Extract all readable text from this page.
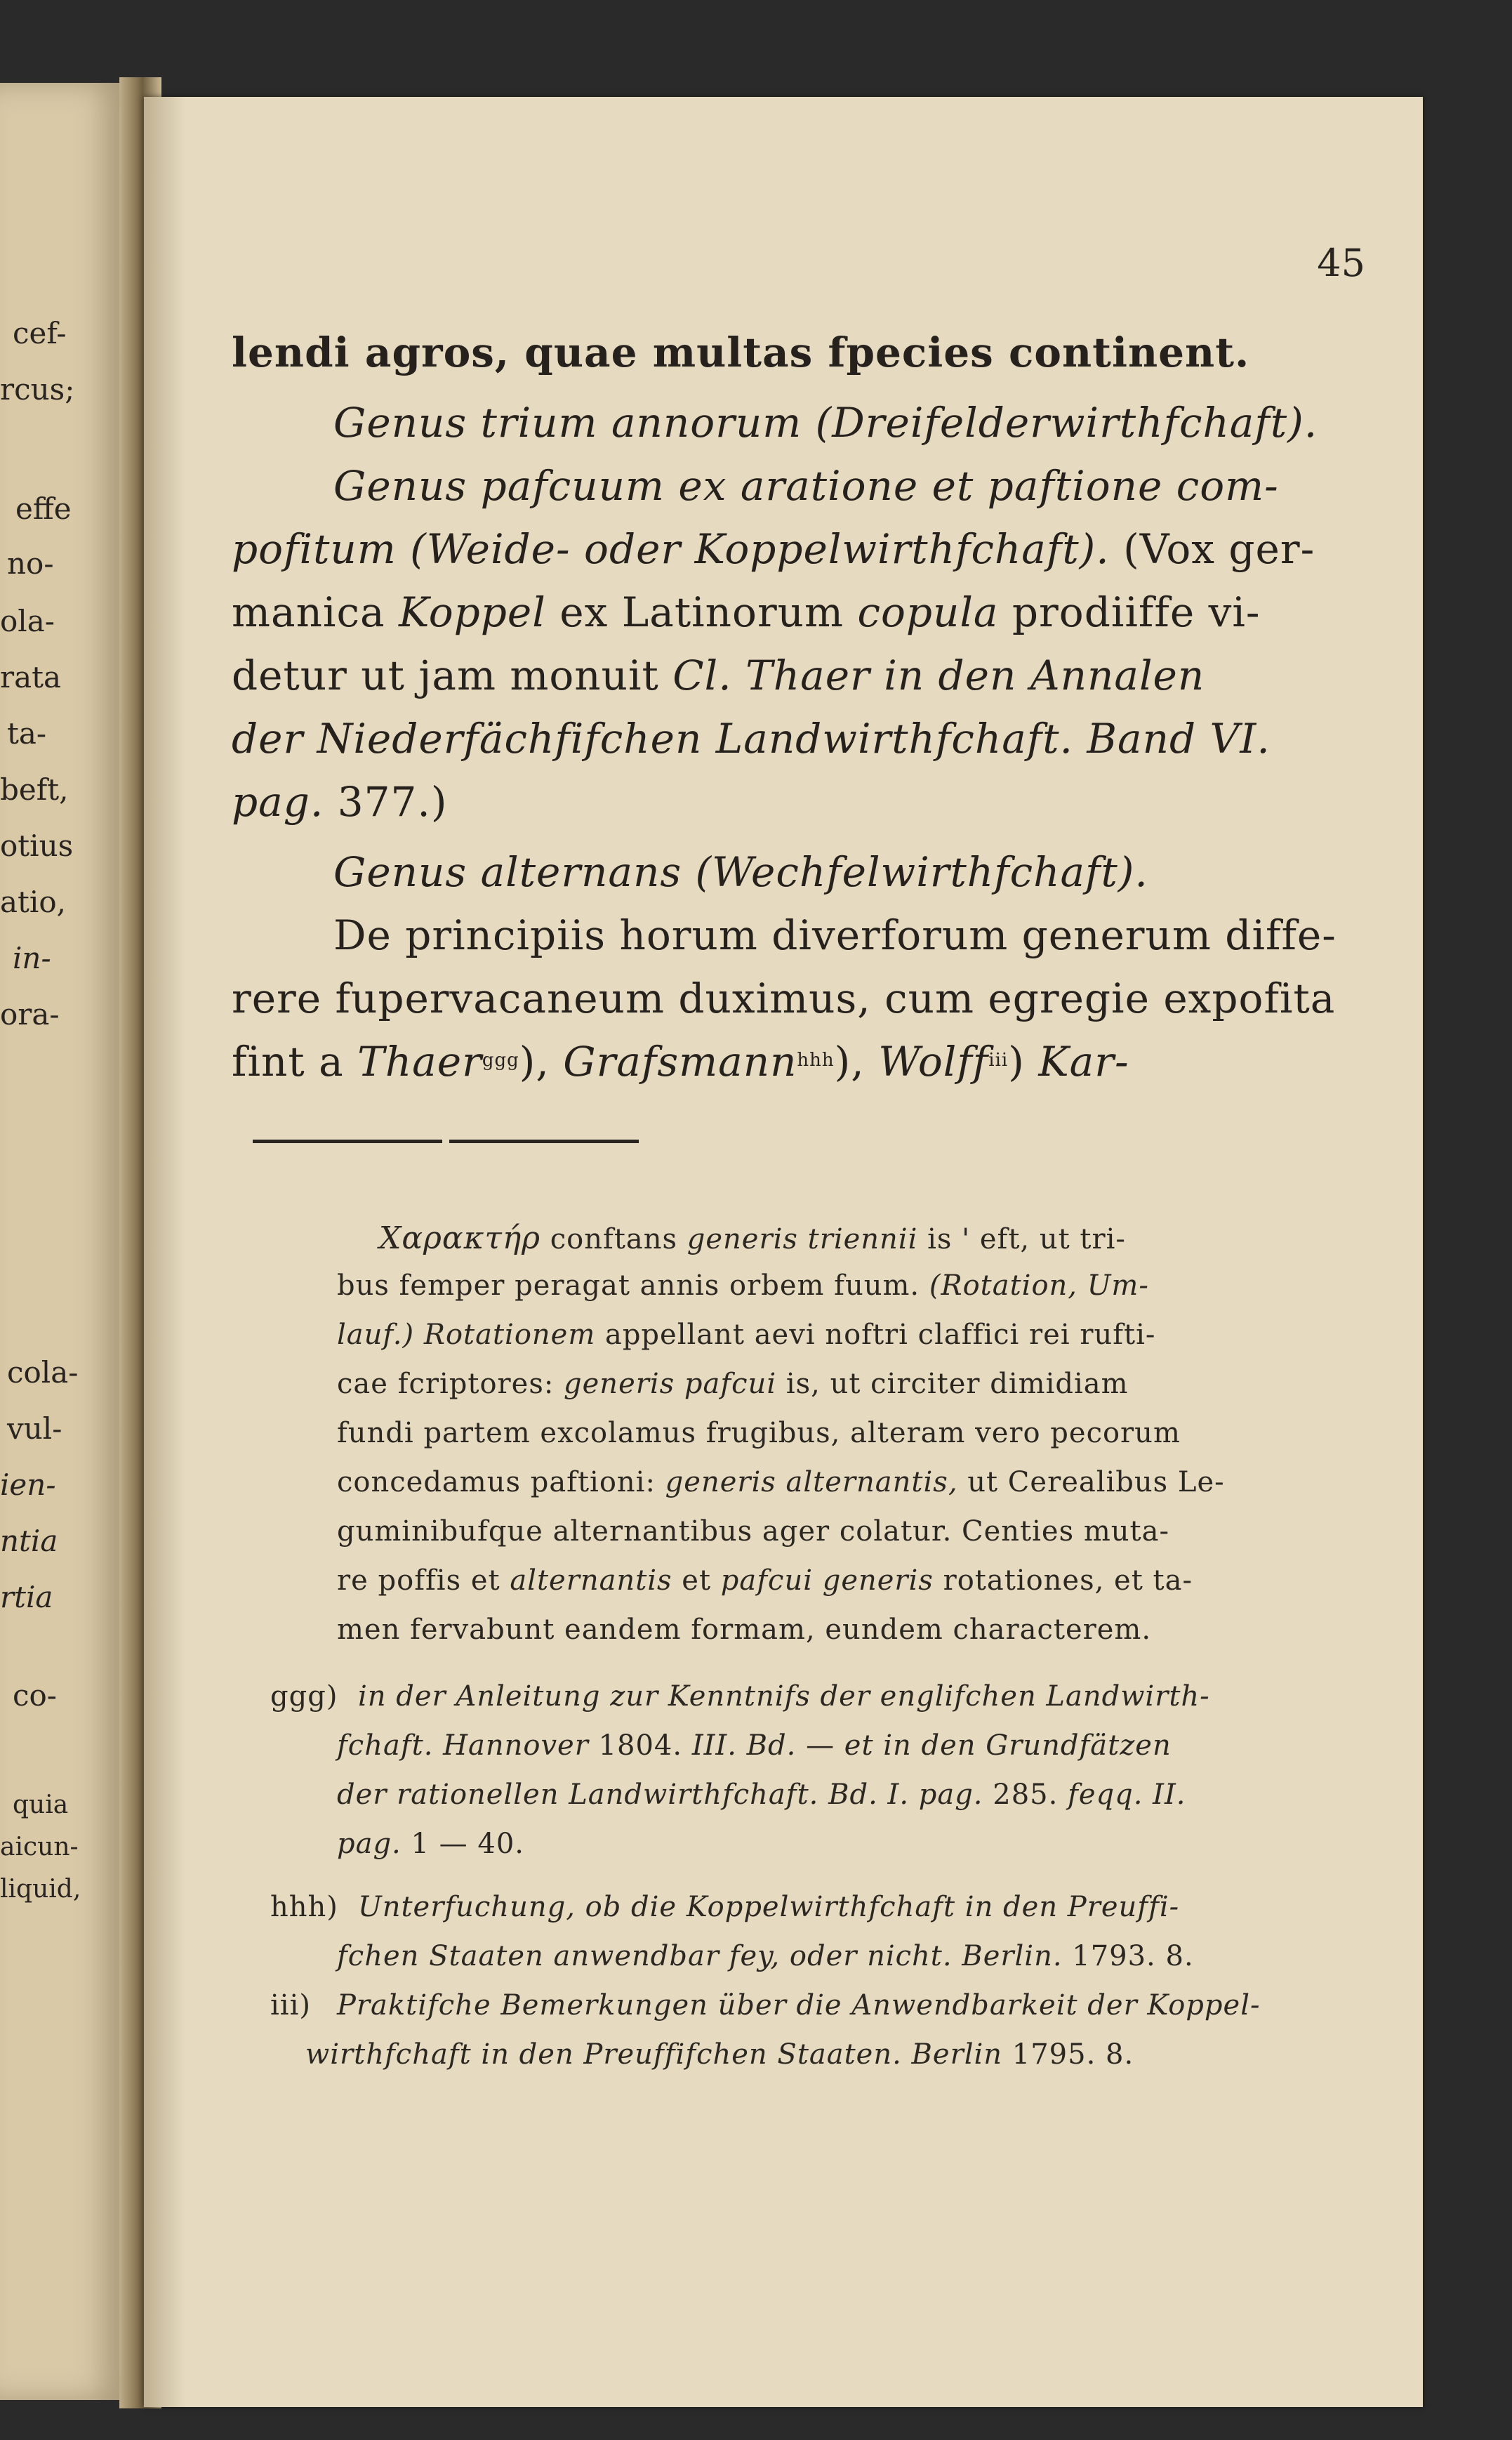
cef-
rcus;
effe
no-
ola-
rata
ta-
beft,
otius
atio,
in-
ora-
cola-
vul-
ien-
ntia
rtia
co-
quia
aicun-
liquid,
45
lendi agros, quae multas fpecies continent.
Genus trium annorum (Dreifelderwirthfchaft).
Genus pafcuum ex aratione et paftione com-
pofitum (Weide- oder Koppelwirthfchaft). (Vox ger-
manica Koppel ex Latinorum copula prodiiffe vi-
detur ut jam monuit Cl. Thaer in den Annalen
der Niederfächfifchen Landwirthfchaft. Band VI.
pag. 377.)
Genus alternans (Wechfelwirthfchaft).
De principiis horum diverforum generum diffe-
rere fupervacaneum duximus, cum egregie expofita
fint a Thaer$^{ggg}$), Grafsmann$^{hhh}$), Wolff$^{iii}$) Kar-
Χαρακτήρ conftans generis triennii is ' eft, ut tri-
bus femper peragat annis orbem fuum. (Rotation, Um-
lauf.) Rotationem appellant aevi noftri claffici rei rufti-
cae fcriptores: generis pafcui is, ut circiter dimidiam
fundi partem excolamus frugibus, alteram vero pecorum
concedamus paftioni: generis alternantis, ut Cerealibus Le-
guminibufque alternantibus ager colatur. Centies muta-
re poffis et alternantis et pafcui generis rotationes, et ta-
men fervabunt eandem formam, eundem characterem.
ggg) in der Anleitung zur Kenntnifs der englifchen Landwirth-
fchaft. Hannover 1804. III. Bd. — et in den Grundfätzen
der rationellen Landwirthfchaft. Bd. I. pag. 285. feqq. II.
pag. 1 — 40.
hhh) Unterfuchung, ob die Koppelwirthfchaft in den Preuffi-
fchen Staaten anwendbar fey, oder nicht. Berlin. 1793. 8.
iii) Praktifche Bemerkungen über die Anwendbarkeit der Koppel-
wirthfchaft in den Preuffifchen Staaten. Berlin 1795. 8.
